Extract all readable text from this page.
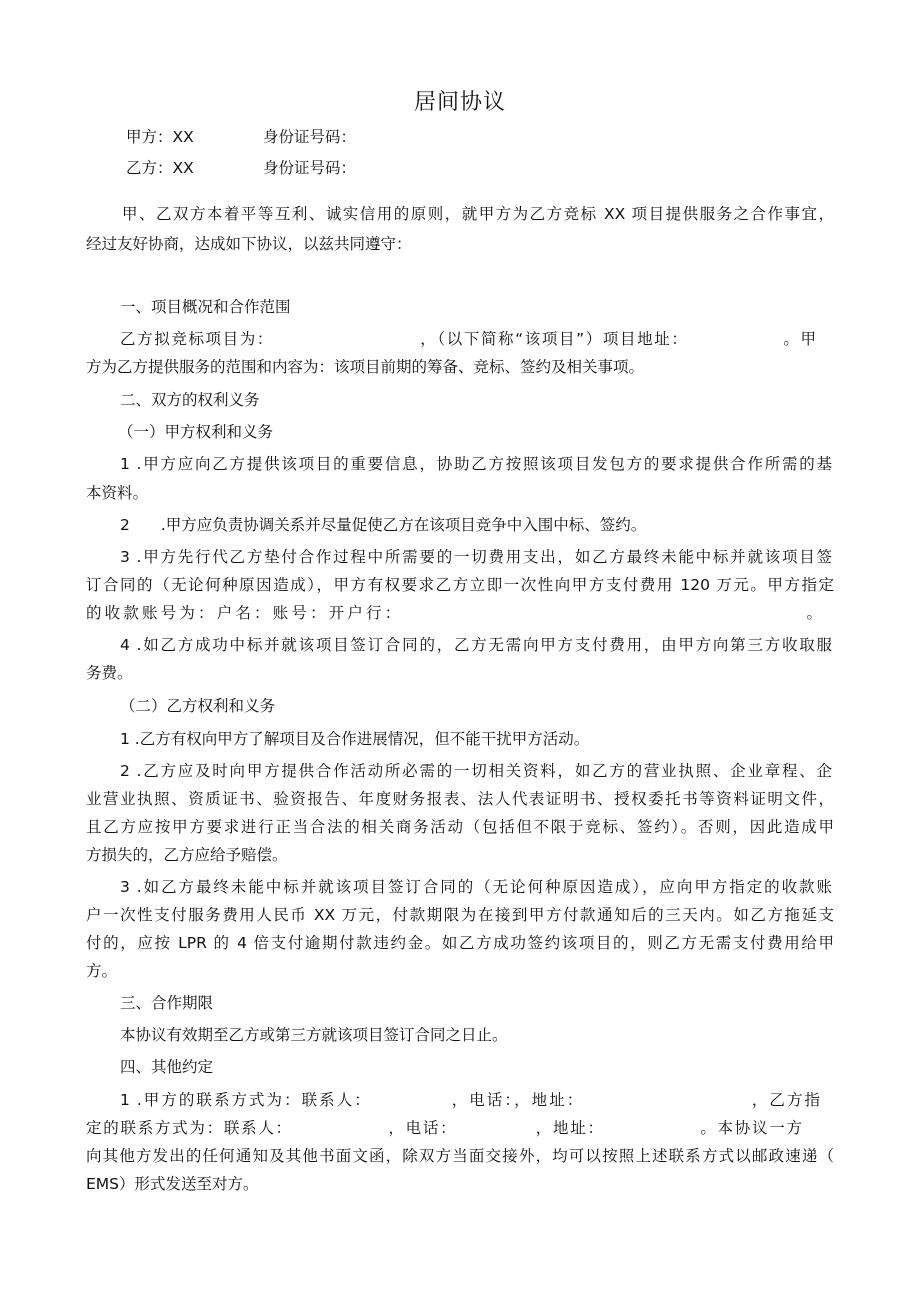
居间协议
甲方：XX	身份证号码：
乙方：XX	身份证号码：
甲、乙双方本着平等互利、诚实信用的原则，就甲方为乙方竞标 XX 项目提供服务之合作事宜，
经过友好协商，达成如下协议，以兹共同遵守：
一、项目概况和合作范围
乙方拟竞标项目为：　　　　　　　　　，（以下简称“该项目”）项目地址：　　　　　　。甲
方为乙方提供服务的范围和内容为：该项目前期的筹备、竞标、签约及相关事项。
二、双方的权利义务
（一）甲方权利和义务
1 .甲方应向乙方提供该项目的重要信息，协助乙方按照该项目发包方的要求提供合作所需的基
本资料。
2　　.甲方应负责协调关系并尽量促使乙方在该项目竞争中入围中标、签约。
3 .甲方先行代乙方垫付合作过程中所需要的一切费用支出，如乙方最终未能中标并就该项目签
订合同的（无论何种原因造成），甲方有权要求乙方立即一次性向甲方支付费用 120 万元。甲方指定
的收款账号为：户名：账号：开户行：　　　　　　　　　　　　　　　　　　　　　　。
4 .如乙方成功中标并就该项目签订合同的，乙方无需向甲方支付费用，由甲方向第三方收取服
务费。
（二）乙方权利和义务
1 .乙方有权向甲方了解项目及合作进展情况，但不能干扰甲方活动。
2 .乙方应及时向甲方提供合作活动所必需的一切相关资料，如乙方的营业执照、企业章程、企
业营业执照、资质证书、验资报告、年度财务报表、法人代表证明书、授权委托书等资料证明文件，
且乙方应按甲方要求进行正当合法的相关商务活动（包括但不限于竞标、签约）。否则，因此造成甲
方损失的，乙方应给予赔偿。
3 .如乙方最终未能中标并就该项目签订合同的（无论何种原因造成），应向甲方指定的收款账
户一次性支付服务费用人民币 XX 万元，付款期限为在接到甲方付款通知后的三天内。如乙方拖延支
付的，应按 LPR 的 4 倍支付逾期付款违约金。如乙方成功签约该项目的，则乙方无需支付费用给甲
方。
三、合作期限
本协议有效期至乙方或第三方就该项目签订合同之日止。
四、其他约定
1 .甲方的联系方式为：联系人：　　　　　，电话：，地址：　　　　　　　　　　，乙方指
定的联系方式为：联系人：　　　　　　，电话：　　　　　，地址：　　　　　　。本协议一方
向其他方发出的任何通知及其他书面文函，除双方当面交接外，均可以按照上述联系方式以邮政速递（
EMS）形式发送至对方。
